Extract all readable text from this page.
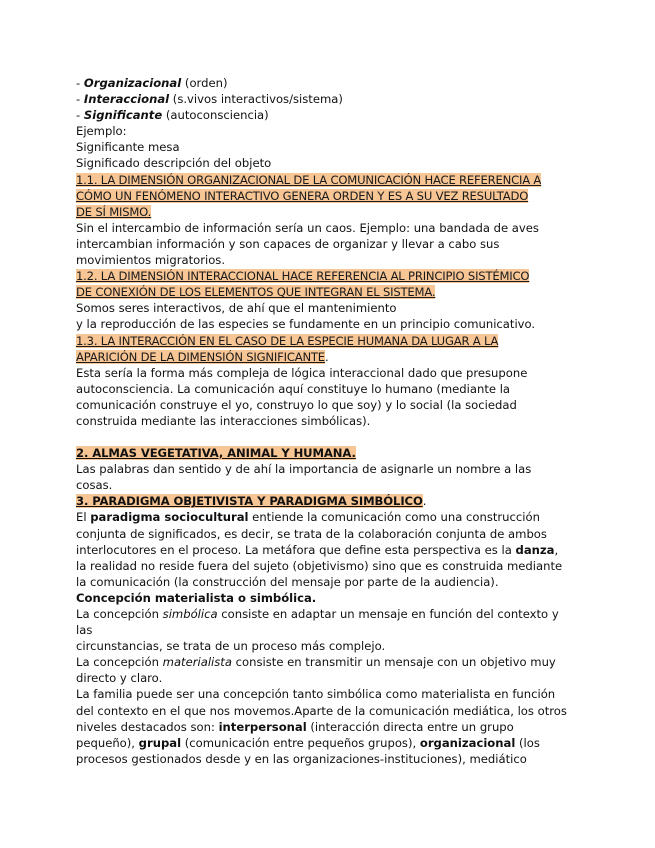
- Organizacional (orden)
- Interaccional (s.vivos interactivos/sistema)
- Significante (autoconsciencia)
Ejemplo:
Significante mesa
Significado descripción del objeto
1.1. LA DIMENSIÓN ORGANIZACIONAL DE LA COMUNICACIÓN HACE REFERENCIA A
CÓMO UN FENÓMENO INTERACTIVO GENERA ORDEN Y ES A SU VEZ RESULTADO
DE SÍ MISMO.
Sin el intercambio de información sería un caos. Ejemplo: una bandada de aves
intercambian información y son capaces de organizar y llevar a cabo sus
movimientos migratorios.
1.2. LA DIMENSIÓN INTERACCIONAL HACE REFERENCIA AL PRINCIPIO SISTÉMICO
DE CONEXIÓN DE LOS ELEMENTOS QUE INTEGRAN EL SISTEMA.
Somos seres interactivos, de ahí que el mantenimiento
y la reproducción de las especies se fundamente en un principio comunicativo.
1.3. LA INTERACCIÓN EN EL CASO DE LA ESPECIE HUMANA DA LUGAR A LA
APARICIÓN DE LA DIMENSIÓN SIGNIFICANTE.
Esta sería la forma más compleja de lógica interaccional dado que presupone
autoconsciencia. La comunicación aquí constituye lo humano (mediante la
comunicación construye el yo, construyo lo que soy) y lo social (la sociedad
construida mediante las interacciones simbólicas).
2. ALMAS VEGETATIVA, ANIMAL Y HUMANA.
Las palabras dan sentido y de ahí la importancia de asignarle un nombre a las
cosas.
3. PARADIGMA OBJETIVISTA Y PARADIGMA SIMBÓLICO.
El paradigma sociocultural entiende la comunicación como una construcción
conjunta de significados, es decir, se trata de la colaboración conjunta de ambos
interlocutores en el proceso. La metáfora que define esta perspectiva es la danza,
la realidad no reside fuera del sujeto (objetivismo) sino que es construida mediante
la comunicación (la construcción del mensaje por parte de la audiencia).
Concepción materialista o simbólica.
La concepción simbólica consiste en adaptar un mensaje en función del contexto y
las
circunstancias, se trata de un proceso más complejo.
La concepción materialista consiste en transmitir un mensaje con un objetivo muy
directo y claro.
La familia puede ser una concepción tanto simbólica como materialista en función
del contexto en el que nos movemos.Aparte de la comunicación mediática, los otros
niveles destacados son: interpersonal (interacción directa entre un grupo
pequeño), grupal (comunicación entre pequeños grupos), organizacional (los
procesos gestionados desde y en las organizaciones-instituciones), mediático
